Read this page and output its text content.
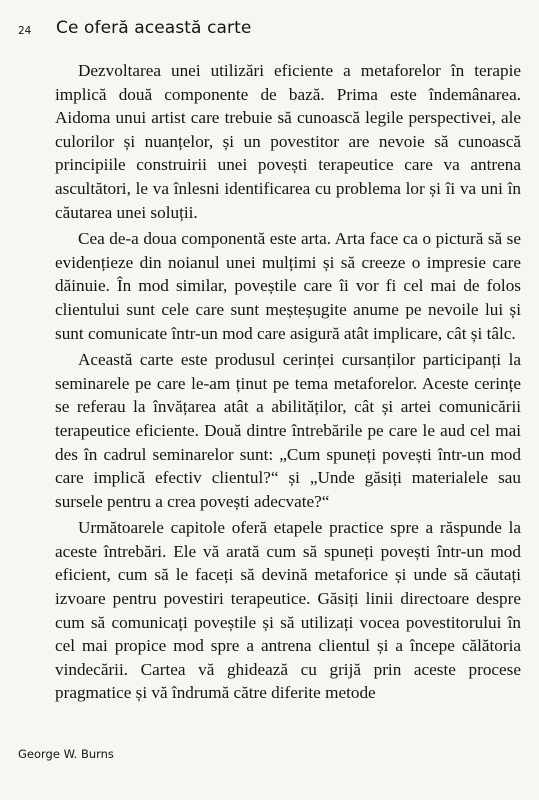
24 Ce oferă această carte

Dezvoltarea unei utilizări eficiente a metaforelor în terapie implică două componente de bază. Prima este îndemânarea. Aidoma unui artist care trebuie să cunoască legile perspectivei, ale culorilor și nuanțelor, și un povestitor are nevoie să cunoască principiile construirii unei povești terapeutice care va antrena ascultători, le va înlesni identificarea cu problema lor și îi va uni în căutarea unei soluții.

Cea de-a doua componentă este arta. Arta face ca o pictură să se evidențieze din noianul unei mulțimi și să creeze o impresie care dăinuie. În mod similar, poveștile care îi vor fi cel mai de folos clientului sunt cele care sunt meșteșugite anume pe nevoile lui și sunt comunicate într-un mod care asigură atât implicare, cât și tâlc.

Această carte este produsul cerinței cursanților participanți la seminarele pe care le-am ținut pe tema metaforelor. Aceste cerințe se referau la învățarea atât a abilităților, cât și artei comunicării terapeutice eficiente. Două dintre întrebările pe care le aud cel mai des în cadrul seminarelor sunt: „Cum spuneți povești într-un mod care implică efectiv clientul?“ și „Unde găsiți materialele sau sursele pentru a crea povești adecvate?“

Următoarele capitole oferă etapele practice spre a răspunde la aceste întrebări. Ele vă arată cum să spuneți povești într-un mod eficient, cum să le faceți să devină metaforice și unde să căutați izvoare pentru povestiri terapeutice. Găsiți linii directoare despre cum să comunicați poveștile și să utilizați vocea povestitorului în cel mai propice mod spre a antrena clientul și a începe călătoria vindecării. Cartea vă ghidează cu grijă prin aceste procese pragmatice și vă îndrumă către diferite metode

George W. Burns
